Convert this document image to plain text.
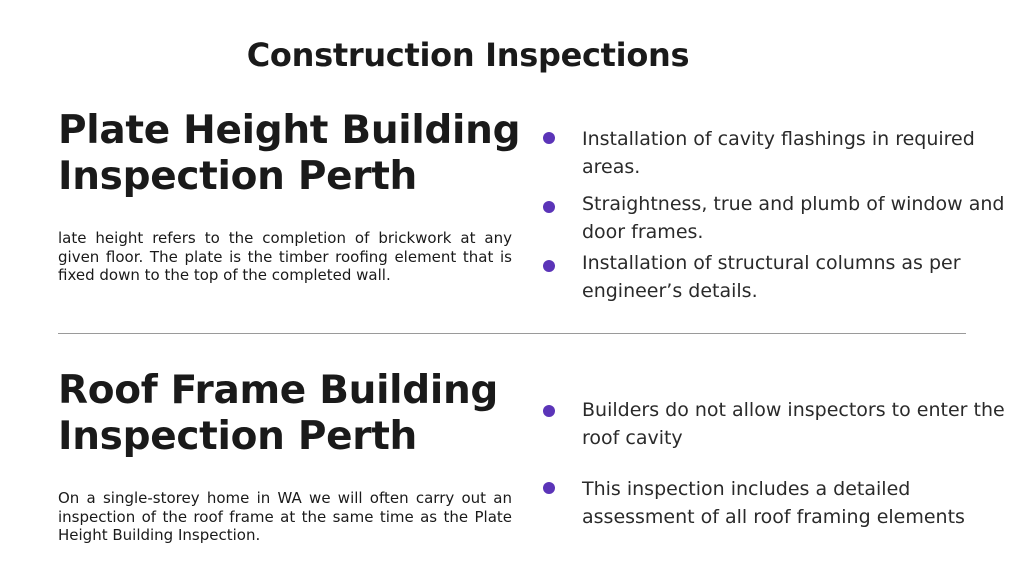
Construction Inspections
Plate Height Building Inspection Perth
late height refers to the completion of brickwork at any given floor. The plate is the timber roofing element that is fixed down to the top of the completed wall.
Installation of cavity flashings in required areas.
Straightness, true and plumb of window and door frames.
Installation of structural columns as per engineer’s details.
Roof Frame Building Inspection Perth
On a single-storey home in WA we will often carry out an inspection of the roof frame at the same time as the Plate Height Building Inspection.
Builders do not allow inspectors to enter the roof cavity
This inspection includes a detailed assessment of all roof framing elements
